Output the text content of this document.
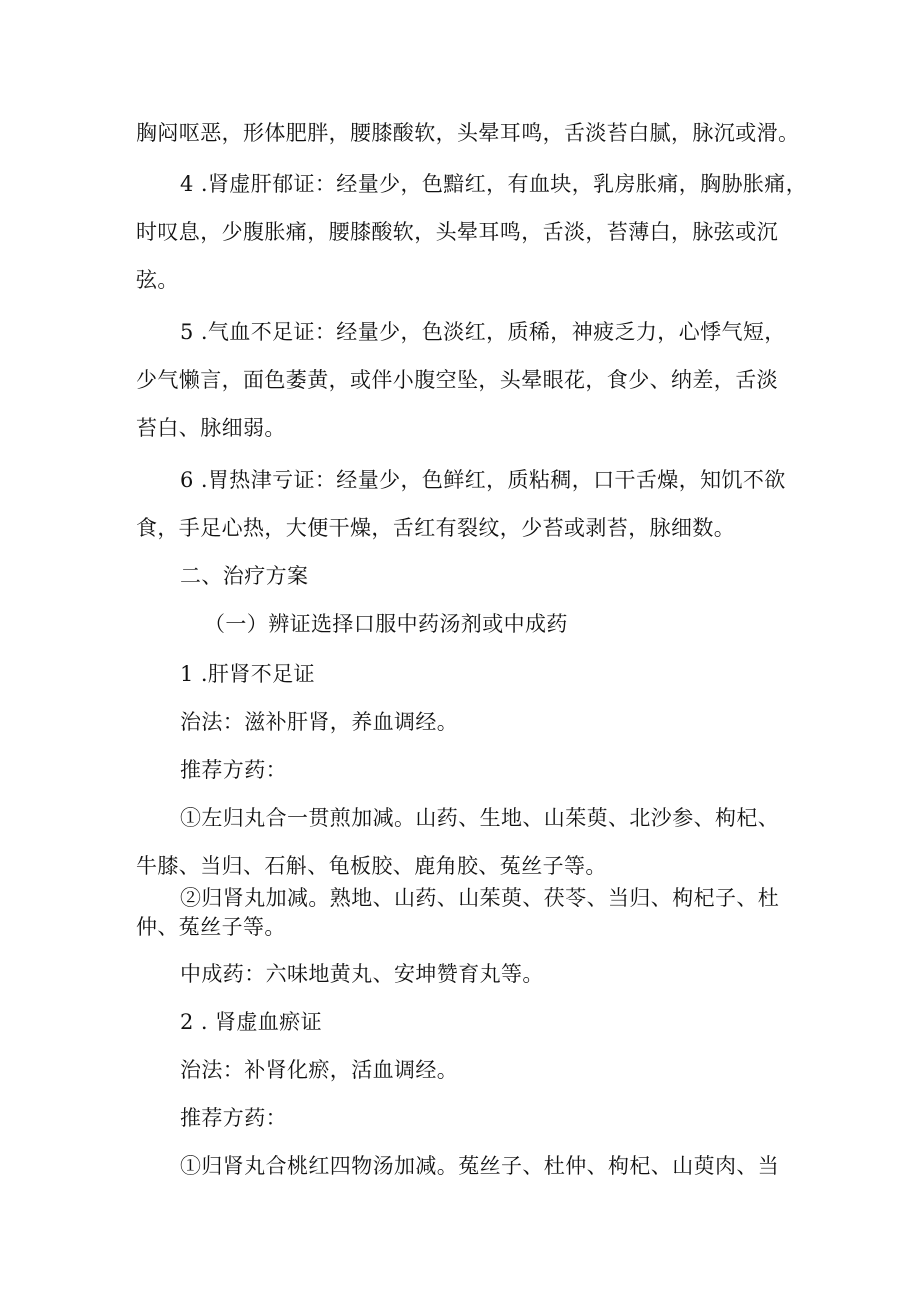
胸闷呕恶，形体肥胖，腰膝酸软，头晕耳鸣，舌淡苔白腻，脉沉或滑。
4 .肾虚肝郁证：经量少，色黯红，有血块，乳房胀痛，胸胁胀痛，
时叹息，少腹胀痛，腰膝酸软，头晕耳鸣，舌淡，苔薄白，脉弦或沉
弦。
5 .气血不足证：经量少，色淡红，质稀，神疲乏力，心悸气短，
少气懒言，面色萎黄，或伴小腹空坠，头晕眼花，食少、纳差，舌淡
苔白、脉细弱。
6 .胃热津亏证：经量少，色鲜红，质粘稠，口干舌燥，知饥不欲
食，手足心热，大便干燥，舌红有裂纹，少苔或剥苔，脉细数。
二、治疗方案
（一）辨证选择口服中药汤剂或中成药
1 .肝肾不足证
治法：滋补肝肾，养血调经。
推荐方药：
①左归丸合一贯煎加减。山药、生地、山茱萸、北沙参、枸杞、
牛膝、当归、石斛、龟板胶、鹿角胶、菟丝子等。
②归肾丸加减。熟地、山药、山茱萸、茯苓、当归、枸杞子、杜
仲、菟丝子等。
中成药：六味地黄丸、安坤赞育丸等。
2 . 肾虚血瘀证
治法：补肾化瘀，活血调经。
推荐方药：
①归肾丸合桃红四物汤加减。菟丝子、杜仲、枸杞、山萸肉、当
